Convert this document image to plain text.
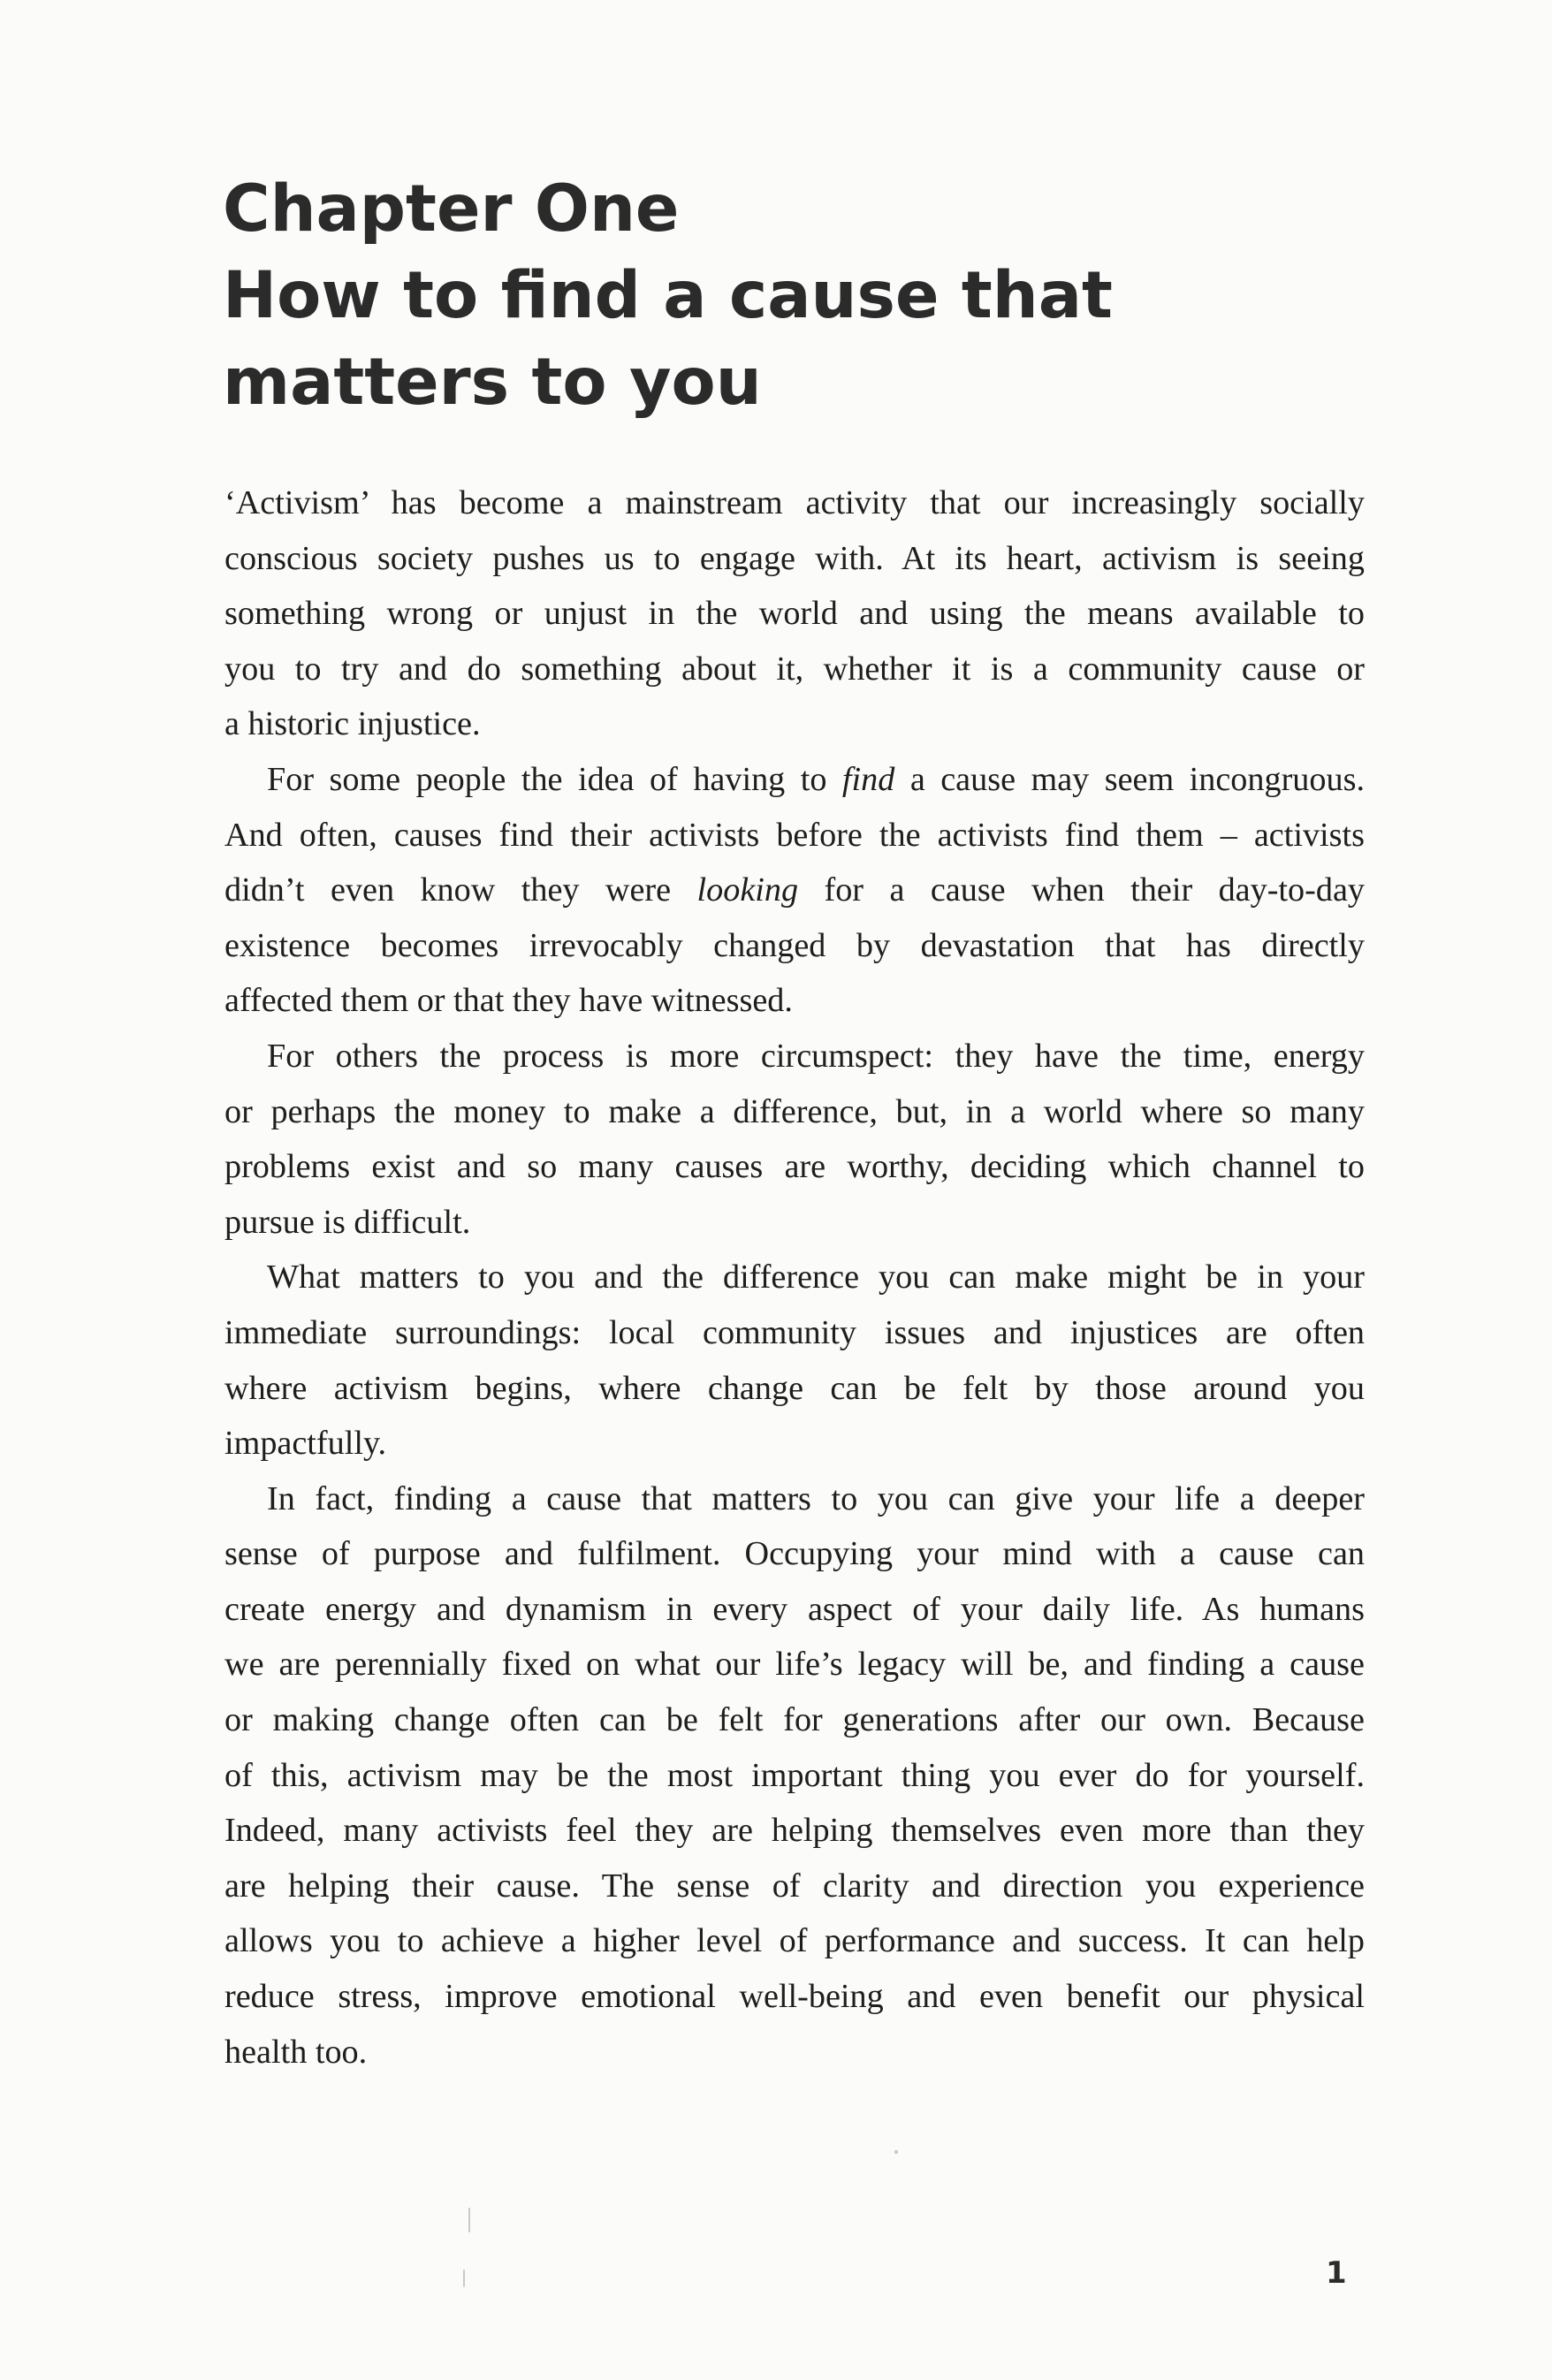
Chapter One
How to find a cause that
matters to you
‘Activism’ has become a mainstream activity that our increasingly socially
conscious society pushes us to engage with. At its heart, activism is seeing
something wrong or unjust in the world and using the means available to
you to try and do something about it, whether it is a community cause or
a historic injustice.
For some people the idea of having to find a cause may seem incongruous.
And often, causes find their activists before the activists find them – activists
didn’t even know they were looking for a cause when their day-to-day
existence becomes irrevocably changed by devastation that has directly
affected them or that they have witnessed.
For others the process is more circumspect: they have the time, energy
or perhaps the money to make a difference, but, in a world where so many
problems exist and so many causes are worthy, deciding which channel to
pursue is difficult.
What matters to you and the difference you can make might be in your
immediate surroundings: local community issues and injustices are often
where activism begins, where change can be felt by those around you
impactfully.
In fact, finding a cause that matters to you can give your life a deeper
sense of purpose and fulfilment. Occupying your mind with a cause can
create energy and dynamism in every aspect of your daily life. As humans
we are perennially fixed on what our life’s legacy will be, and finding a cause
or making change often can be felt for generations after our own. Because
of this, activism may be the most important thing you ever do for yourself.
Indeed, many activists feel they are helping themselves even more than they
are helping their cause. The sense of clarity and direction you experience
allows you to achieve a higher level of performance and success. It can help
reduce stress, improve emotional well-being and even benefit our physical
health too.
1
